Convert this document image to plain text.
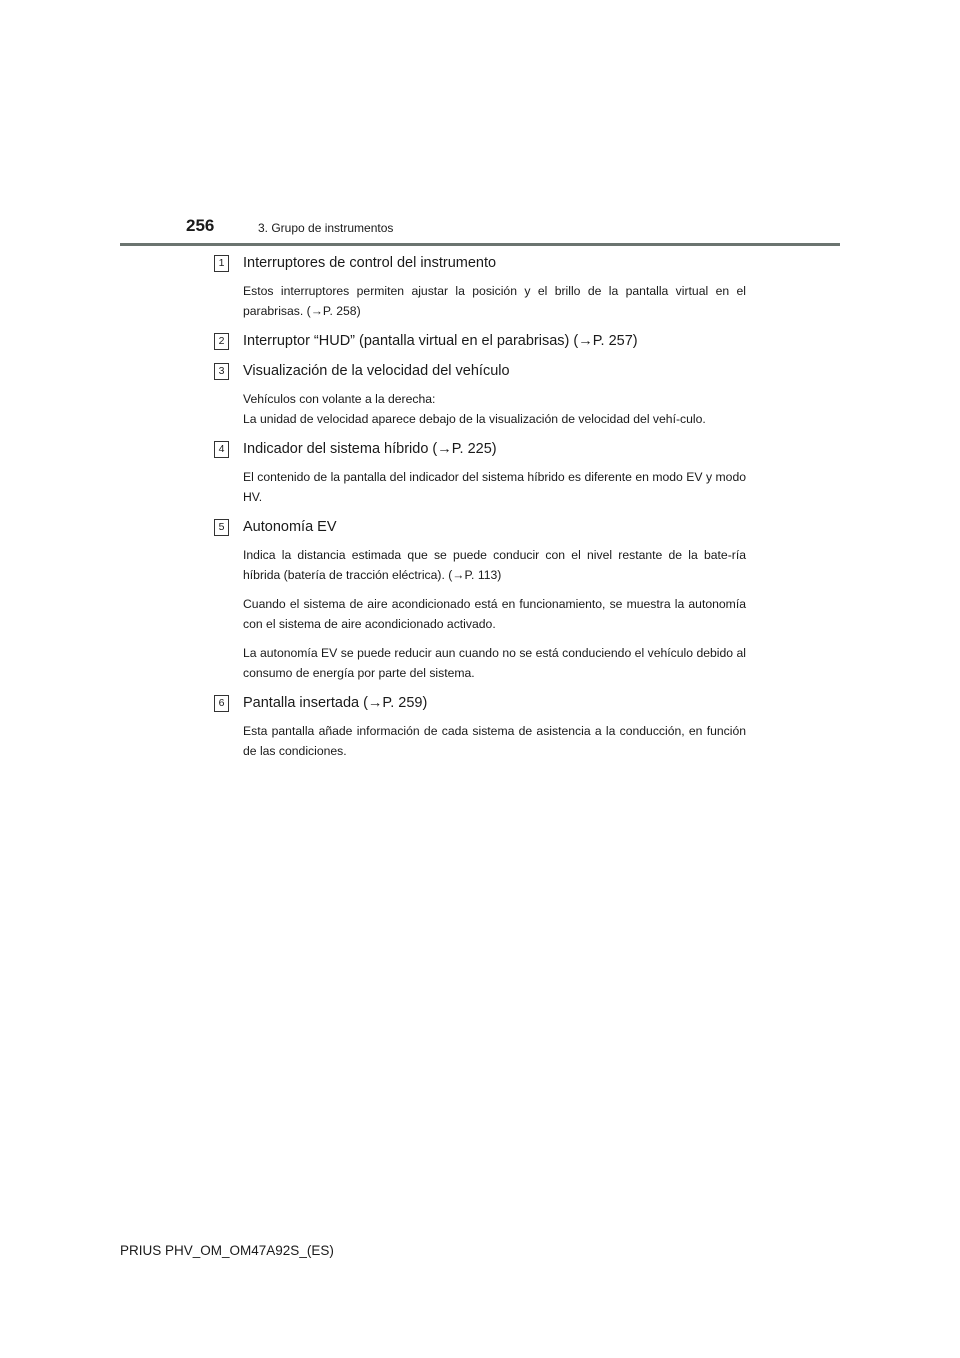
256	3. Grupo de instrumentos
1	Interruptores de control del instrumento

Estos interruptores permiten ajustar la posición y el brillo de la pantalla virtual en el parabrisas. (→P. 258)

2	Interruptor “HUD” (pantalla virtual en el parabrisas) (→P. 257)
3	Visualización de la velocidad del vehículo

Vehículos con volante a la derecha:
La unidad de velocidad aparece debajo de la visualización de velocidad del vehí-culo.

4	Indicador del sistema híbrido (→P. 225)

El contenido de la pantalla del indicador del sistema híbrido es diferente en modo EV y modo HV.

5	Autonomía EV

Indica la distancia estimada que se puede conducir con el nivel restante de la bate-ría híbrida (batería de tracción eléctrica). (→P. 113)

Cuando el sistema de aire acondicionado está en funcionamiento, se muestra la autonomía con el sistema de aire acondicionado activado.

La autonomía EV se puede reducir aun cuando no se está conduciendo el vehículo debido al consumo de energía por parte del sistema.

6	Pantalla insertada (→P. 259)

Esta pantalla añade información de cada sistema de asistencia a la conducción, en función de las condiciones.

PRIUS PHV_OM_OM47A92S_(ES)
